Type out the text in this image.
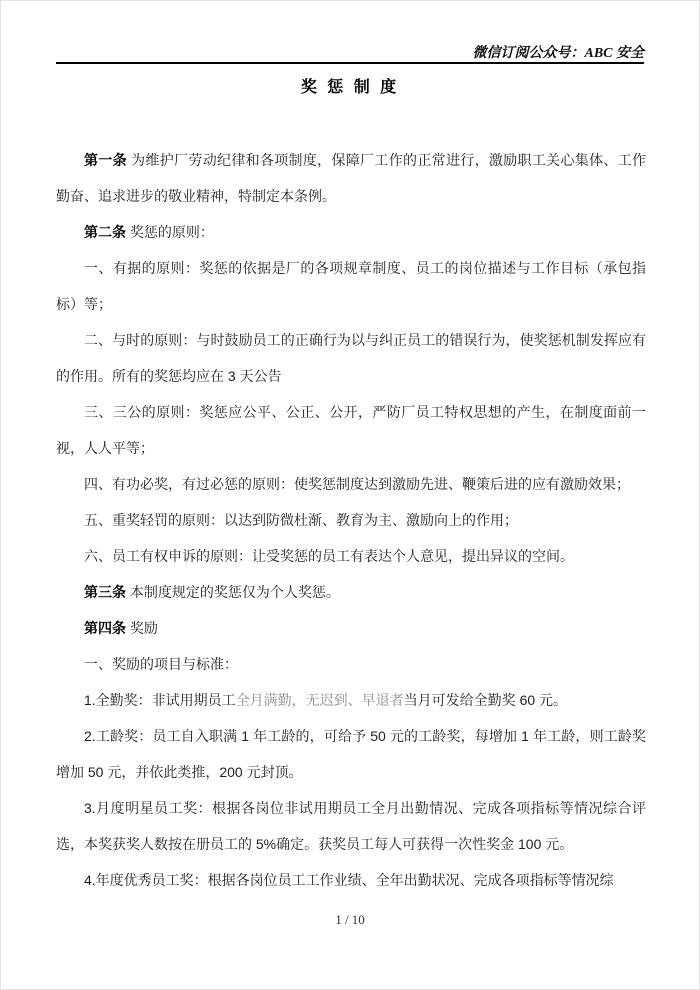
微信订阅公众号：ABC 安全
奖 惩 制 度

第一条 为维护厂劳动纪律和各项制度，保障厂工作的正常进行，激励职工关心集体、工作勤奋、追求进步的敬业精神，特制定本条例。

第二条 奖惩的原则：

一、有据的原则：奖惩的依据是厂的各项规章制度、员工的岗位描述与工作目标（承包指标）等；

二、与时的原则：与时鼓励员工的正确行为以与纠正员工的错误行为，使奖惩机制发挥应有的作用。所有的奖惩均应在 3 天公告

三、三公的原则：奖惩应公平、公正、公开，严防厂员工特权思想的产生，在制度面前一视，人人平等；

四、有功必奖，有过必惩的原则：使奖惩制度达到激励先进、鞭策后进的应有激励效果；

五、重奖轻罚的原则：以达到防微杜渐、教育为主、激励向上的作用；

六、员工有权申诉的原则：让受奖惩的员工有表达个人意见，提出异议的空间。

第三条 本制度规定的奖惩仅为个人奖惩。

第四条 奖励

一、奖励的项目与标准：

1.全勤奖：非试用期员工全月满勤，无迟到、早退者当月可发给全勤奖 60 元。

2.工龄奖：员工自入职满 1 年工龄的，可给予 50 元的工龄奖，每增加 1 年工龄，则工龄奖增加 50 元，并依此类推，200 元封顶。

3.月度明星员工奖：根据各岗位非试用期员工全月出勤情况、完成各项指标等情况综合评选，本奖获奖人数按在册员工的 5%确定。获奖员工每人可获得一次性奖金 100 元。

4.年度优秀员工奖：根据各岗位员工工作业绩、全年出勤状况、完成各项指标等情况综

1 / 10
